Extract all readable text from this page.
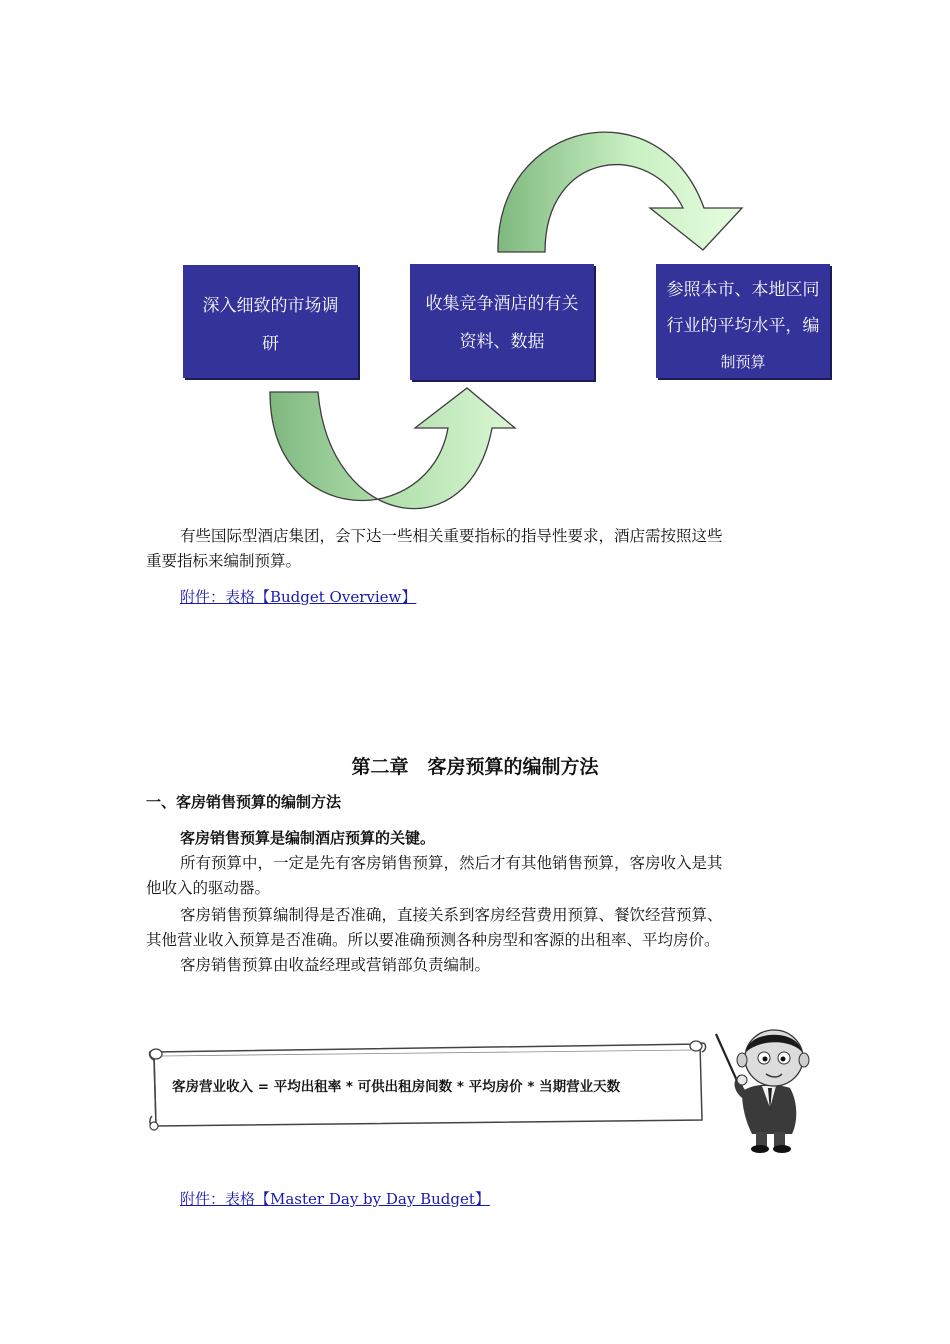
深入细致的市场调
研
收集竞争酒店的有关
资料、数据
参照本市、本地区同
行业的平均水平，编
制预算
有些国际型酒店集团，会下达一些相关重要指标的指导性要求，酒店需按照这些
重要指标来编制预算。
附件：表格【Budget Overview】
第二章　客房预算的编制方法
一、客房销售预算的编制方法
客房销售预算是编制酒店预算的关键。
所有预算中，一定是先有客房销售预算，然后才有其他销售预算，客房收入是其
他收入的驱动器。
客房销售预算编制得是否准确，直接关系到客房经营费用预算、餐饮经营预算、
其他营业收入预算是否准确。所以要准确预测各种房型和客源的出租率、平均房价。
客房销售预算由收益经理或营销部负责编制。
客房营业收入 = 平均出租率 * 可供出租房间数 * 平均房价 * 当期营业天数
附件：表格【Master Day by Day Budget】
